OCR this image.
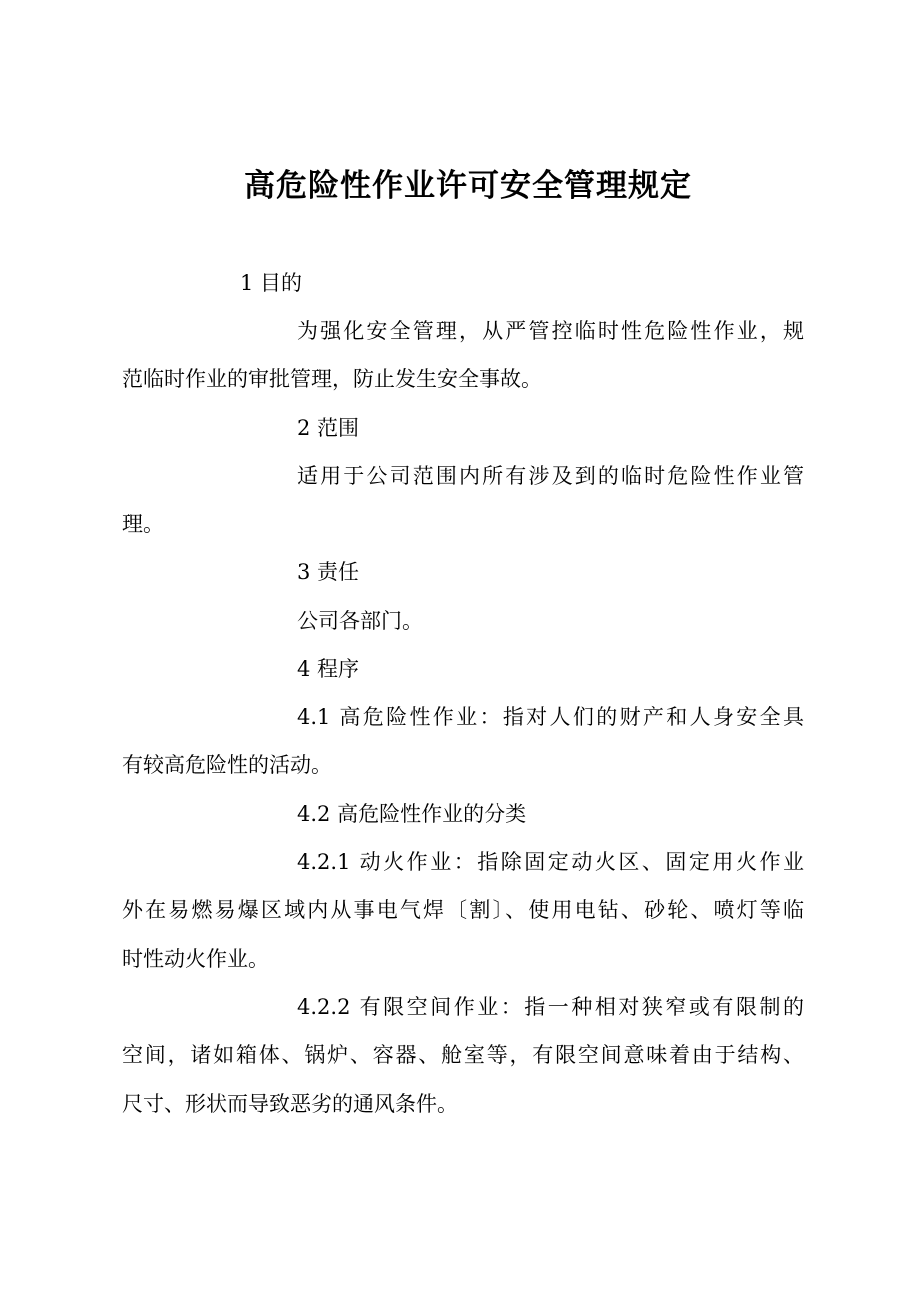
高危险性作业许可安全管理规定
1 目的
为强化安全管理，从严管控临时性危险性作业，规
范临时作业的审批管理，防止发生安全事故。
2 范围
适用于公司范围内所有涉及到的临时危险性作业管
理。
3 责任
公司各部门。
4 程序
4.1 高危险性作业：指对人们的财产和人身安全具
有较高危险性的活动。
4.2 高危险性作业的分类
4.2.1 动火作业：指除固定动火区、固定用火作业
外在易燃易爆区域内从事电气焊〔割〕、使用电钻、砂轮、喷灯等临
时性动火作业。
4.2.2 有限空间作业：指一种相对狭窄或有限制的
空间，诸如箱体、锅炉、容器、舱室等，有限空间意味着由于结构、
尺寸、形状而导致恶劣的通风条件。
